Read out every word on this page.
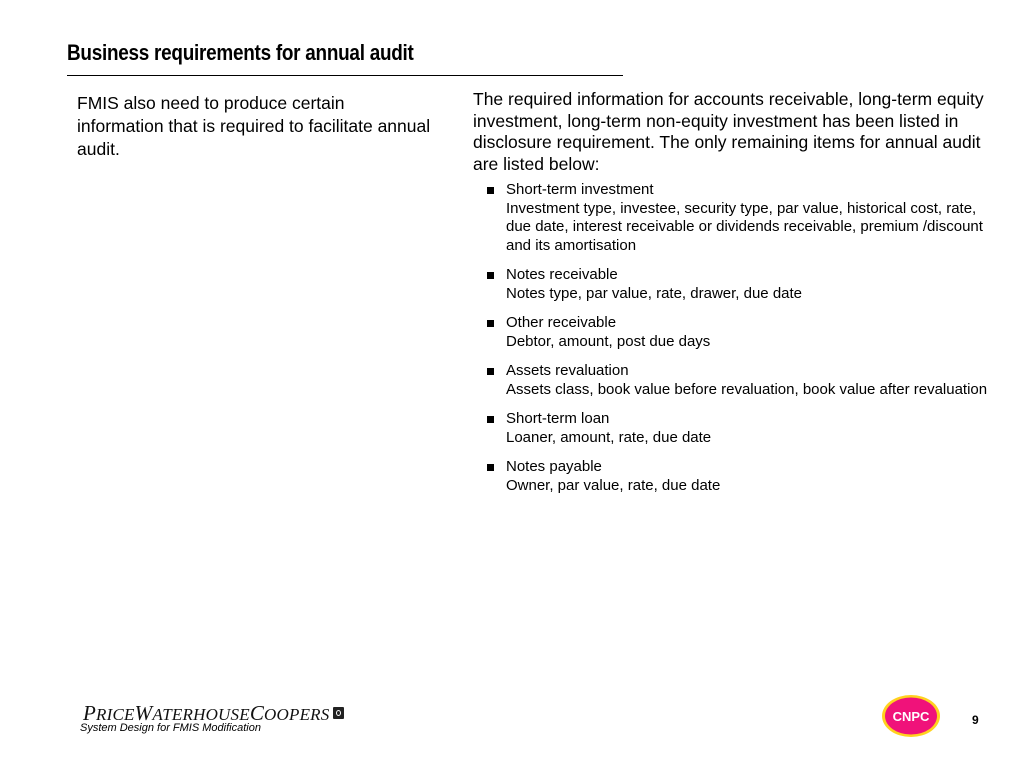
Business requirements for annual audit
FMIS also need to produce certain information that is required to facilitate annual audit.

The required information for accounts receivable, long-term equity investment, long-term non-equity investment has been listed in disclosure requirement. The only remaining items for annual audit are listed below:

Short-term investment
Investment type, investee, security type, par value, historical cost, rate, due date, interest receivable or dividends receivable, premium /discount and its amortisation
Notes receivable
Notes type, par value, rate, drawer, due date
Other receivable
Debtor, amount, post due days
Assets revaluation
Assets class, book value before revaluation, book value after revaluation
Short-term loan
Loaner, amount, rate, due date
Notes payable
Owner, par value, rate, due date
PRICEWATERHOUSECOOPERS
System Design for FMIS Modification
CNPC	9
